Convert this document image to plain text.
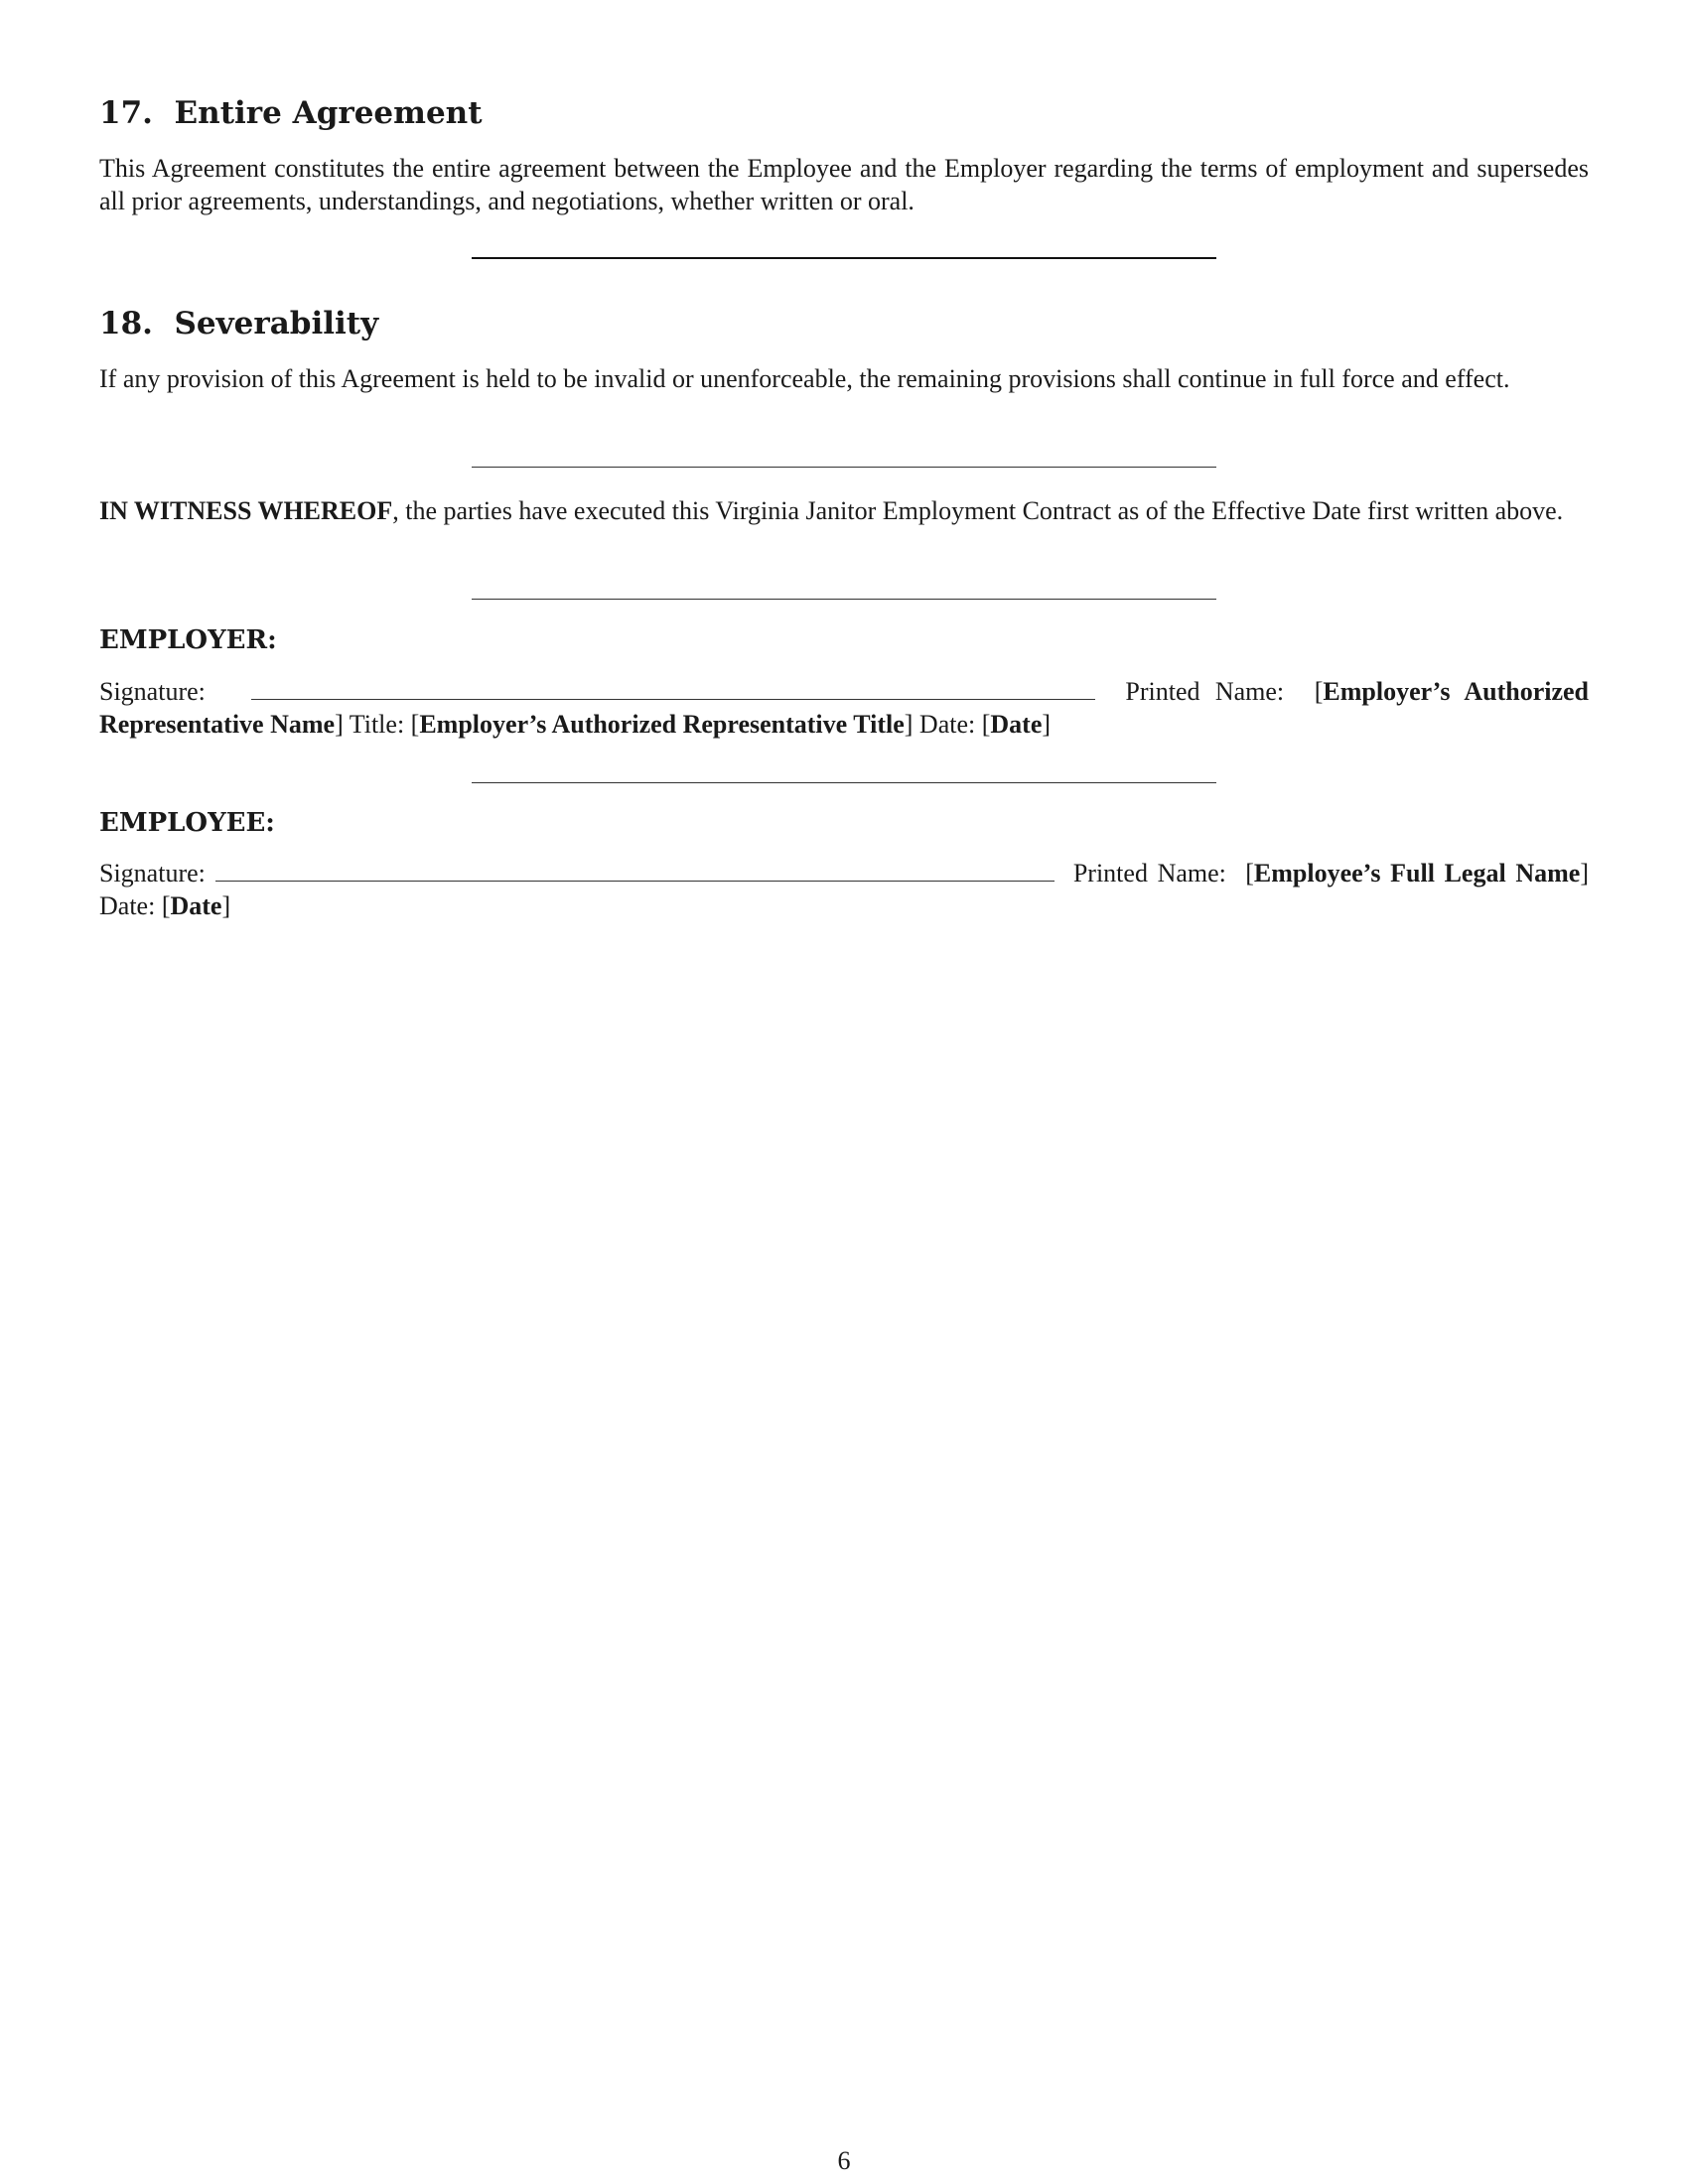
17. Entire Agreement

This Agreement constitutes the entire agreement between the Employee and the Employer regarding the terms of employment and supersedes all prior agreements, understandings, and negotiations, whether written or oral.

18. Severability

If any provision of this Agreement is held to be invalid or unenforceable, the remaining provisions shall continue in full force and effect.

IN WITNESS WHEREOF, the parties have executed this Virginia Janitor Employment Contract as of the Effective Date first written above.

EMPLOYER:

Signature:	Printed Name:  [Employer’s Authorized Representative Name] Title: [Employer’s Authorized Representative Title] Date: [Date]

EMPLOYEE:

Signature:	Printed Name:  [Employee’s Full Legal Name] Date: [Date]

6
